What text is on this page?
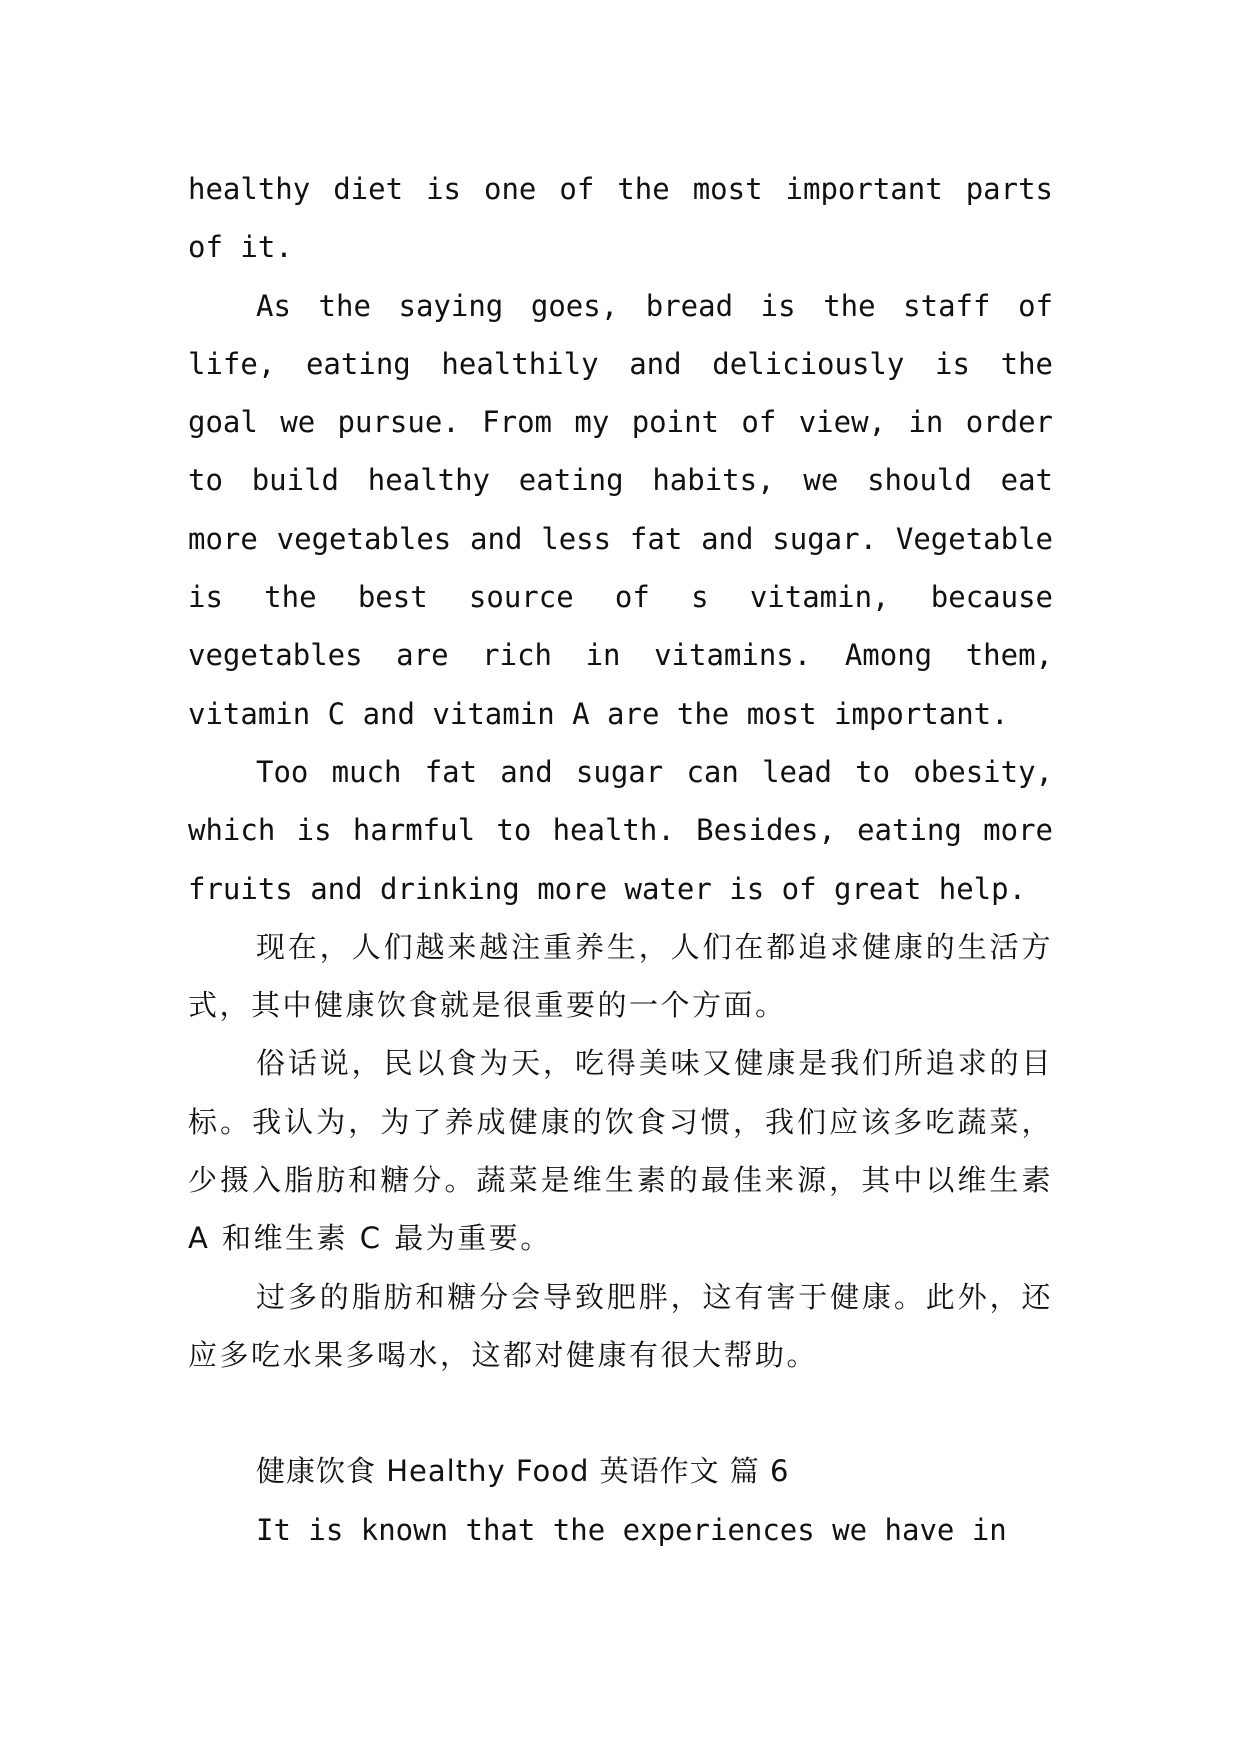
healthy diet is one of the most important parts of it.

As the saying goes, bread is the staff of life, eating healthily and deliciously is the goal we pursue. From my point of view, in order to build healthy eating habits, we should eat more vegetables and less fat and sugar. Vegetable is the best source of s vitamin, because vegetables are rich in vitamins. Among them, vitamin C and vitamin A are the most important.

Too much fat and sugar can lead to obesity, which is harmful to health. Besides, eating more fruits and drinking more water is of great help.

现在，人们越来越注重养生，人们在都追求健康的生活方式，其中健康饮食就是很重要的一个方面。

俗话说，民以食为天，吃得美味又健康是我们所追求的目标。我认为，为了养成健康的饮食习惯，我们应该多吃蔬菜，少摄入脂肪和糖分。蔬菜是维生素的最佳来源，其中以维生素 A 和维生素 C 最为重要。

过多的脂肪和糖分会导致肥胖，这有害于健康。此外，还应多吃水果多喝水，这都对健康有很大帮助。

健康饮食 Healthy Food 英语作文 篇 6

It is known that the experiences we have in
